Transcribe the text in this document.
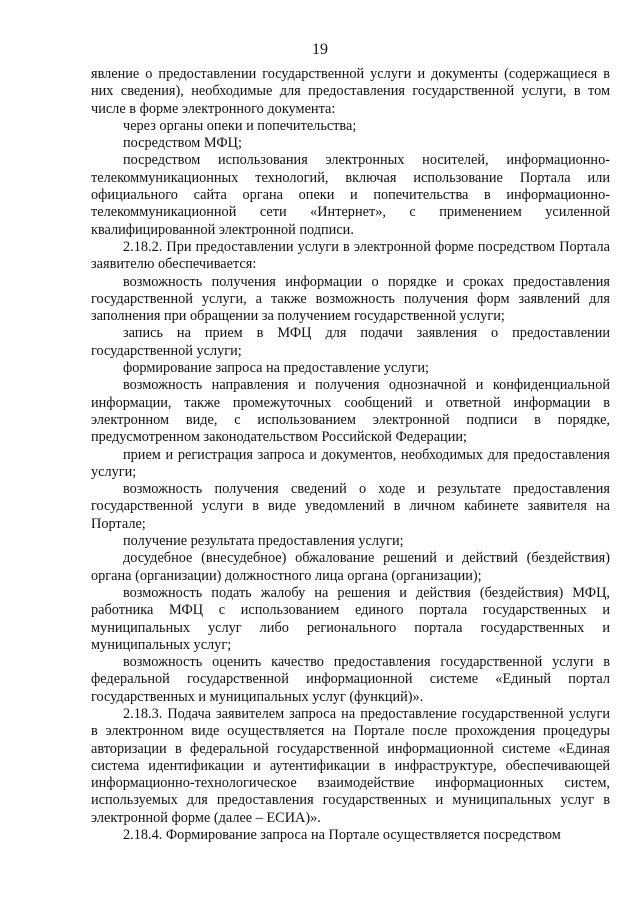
19

явление о предоставлении государственной услуги и документы (содержащиеся в них сведения), необходимые для предоставления государственной услуги, в том числе в форме электронного документа:

через органы опеки и попечительства;

посредством МФЦ;

посредством использования электронных носителей, информационно-телекоммуникационных технологий, включая использование Портала или официального сайта органа опеки и попечительства в информационно-телекоммуникационной сети «Интернет», с применением усиленной квалифицированной электронной подписи.

2.18.2. При предоставлении услуги в электронной форме посредством Портала заявителю обеспечивается:

возможность получения информации о порядке и сроках предоставления государственной услуги, а также возможность получения форм заявлений для заполнения при обращении за получением государственной услуги;

запись на прием в МФЦ для подачи заявления о предоставлении государственной услуги;

формирование запроса на предоставление услуги;

возможность направления и получения однозначной и конфиденциальной информации, также промежуточных сообщений и ответной информации в электронном виде, с использованием электронной подписи в порядке, предусмотренном законодательством Российской Федерации;

прием и регистрация запроса и документов, необходимых для предоставления услуги;

возможность получения сведений о ходе и результате предоставления государственной услуги в виде уведомлений в личном кабинете заявителя на Портале;

получение результата предоставления услуги;

досудебное (внесудебное) обжалование решений и действий (бездействия) органа (организации) должностного лица органа (организации);

возможность подать жалобу на решения и действия (бездействия) МФЦ, работника МФЦ с использованием единого портала государственных и муниципальных услуг либо регионального портала государственных и муниципальных услуг;

возможность оценить качество предоставления государственной услуги в федеральной государственной информационной системе «Единый портал государственных и муниципальных услуг (функций)».

2.18.3. Подача заявителем запроса на предоставление государственной услуги в электронном виде осуществляется на Портале после прохождения процедуры авторизации в федеральной государственной информационной системе «Единая система идентификации и аутентификации в инфраструктуре, обеспечивающей информационно-технологическое взаимодействие информационных систем, используемых для предоставления государственных и муниципальных услуг в электронной форме (далее – ЕСИА)».

2.18.4. Формирование запроса на Портале осуществляется посредством
